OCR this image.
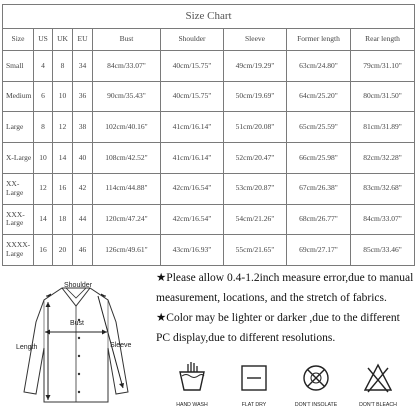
Size Chart								
Size	US	UK	EU	Bust	Shoulder	Sleeve	Former length	Rear length
Small	4	8	34	84cm/33.07"	40cm/15.75"	49cm/19.29"	63cm/24.80"	79cm/31.10"
Medium	6	10	36	90cm/35.43"	40cm/15.75"	50cm/19.69"	64cm/25.20"	80cm/31.50"
Large	8	12	38	102cm/40.16"	41cm/16.14"	51cm/20.08"	65cm/25.59"	81cm/31.89"
X-Large	10	14	40	108cm/42.52"	41cm/16.14"	52cm/20.47"	66cm/25.98"	82cm/32.28"
XX-Large	12	16	42	114cm/44.88"	42cm/16.54"	53cm/20.87"	67cm/26.38"	83cm/32.68"
XXX-Large	14	18	44	120cm/47.24"	42cm/16.54"	54cm/21.26"	68cm/26.77"	84cm/33.07"
XXXX-Large	16	20	46	126cm/49.61"	43cm/16.93"	55cm/21.65"	69cm/27.17"	85cm/33.46"
Shoulder
Bust
Length	Sleeve

★Please allow 0.4-1.2inch measure error,due to manual measurement, locations, and the stretch of fabrics.

★Color may be lighter or darker ,due to the different PC display,due to different resolutions.

HAND WASH	FLAT DRY	DON'T INSOLATE	DON'T BLEACH
